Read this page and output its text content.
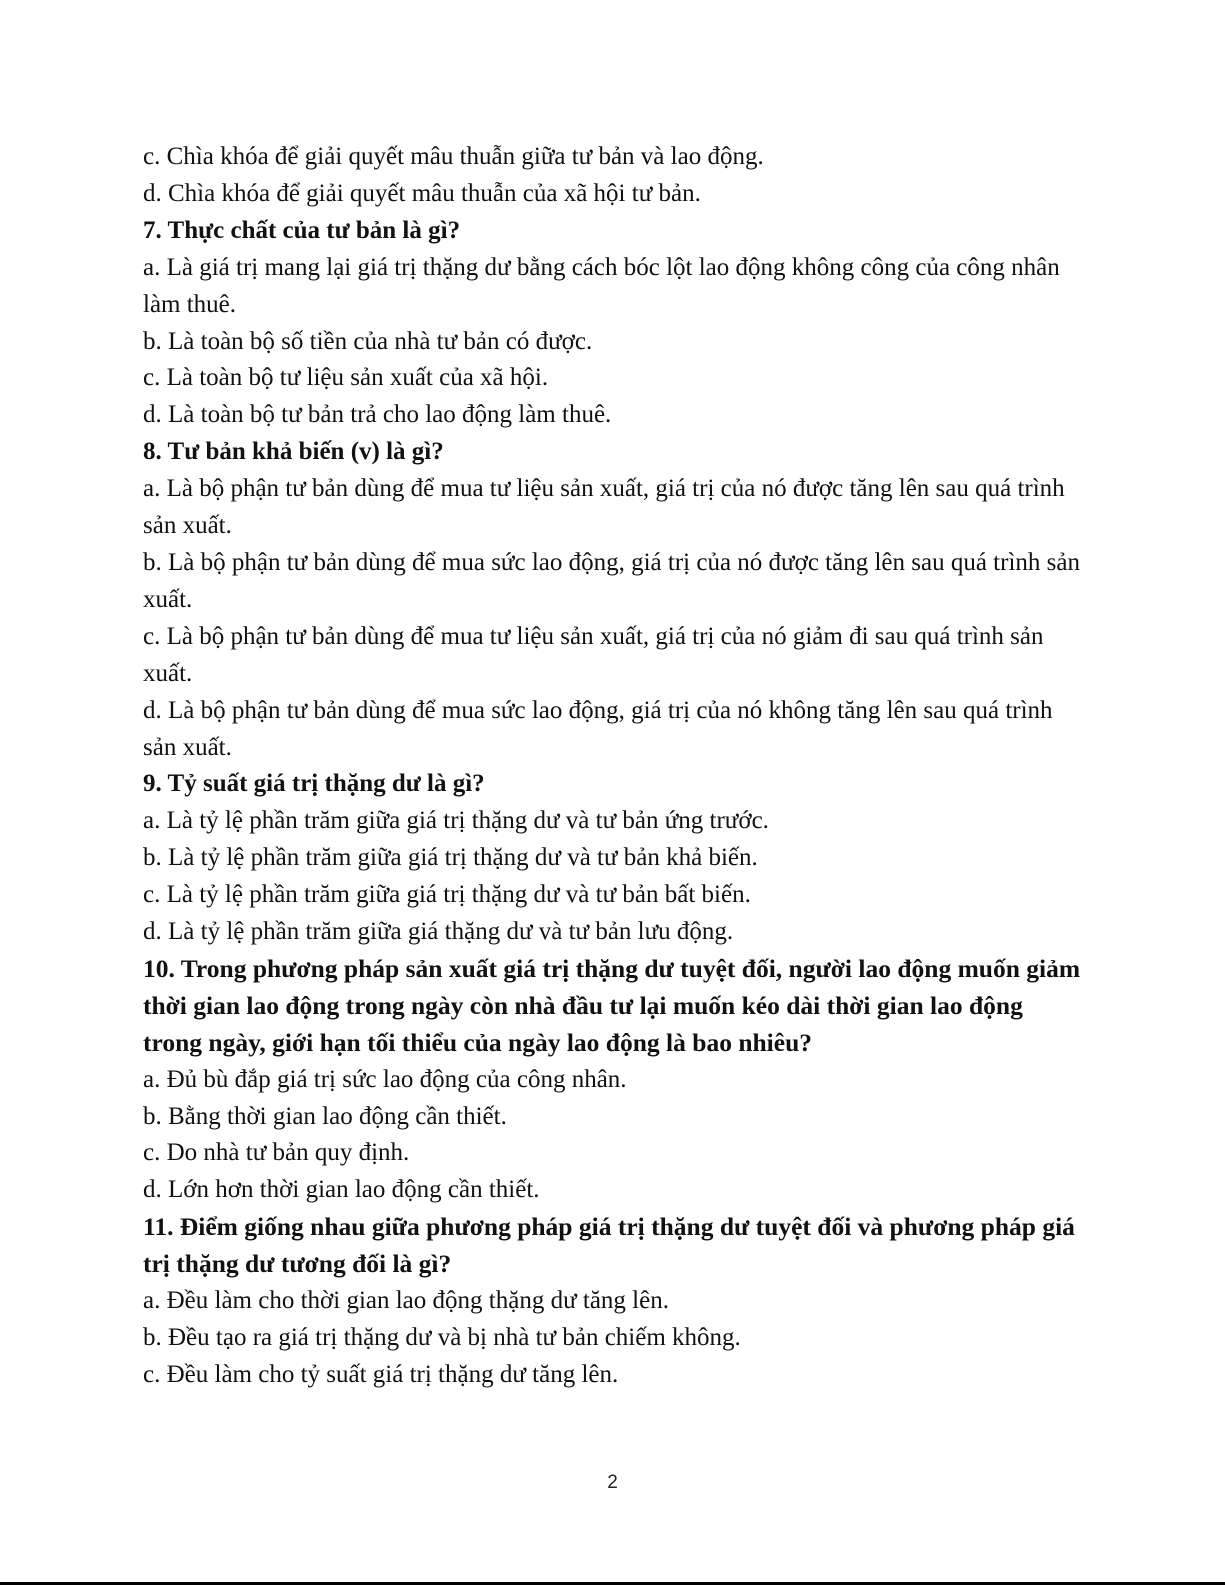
c. Chìa khóa để giải quyết mâu thuẫn giữa tư bản và lao động.

d. Chìa khóa để giải quyết mâu thuẫn của xã hội tư bản.

7. Thực chất của tư bản là gì?

a. Là giá trị mang lại giá trị thặng dư bằng cách bóc lột lao động không công của công nhân làm thuê.

b. Là toàn bộ số tiền của nhà tư bản có được.

c. Là toàn bộ tư liệu sản xuất của xã hội.

d. Là toàn bộ tư bản trả cho lao động làm thuê.

8. Tư bản khả biến (v) là gì?

a. Là bộ phận tư bản dùng để mua tư liệu sản xuất, giá trị của nó được tăng lên sau quá trình sản xuất.

b. Là bộ phận tư bản dùng để mua sức lao động, giá trị của nó được tăng lên sau quá trình sản xuất.

c. Là bộ phận tư bản dùng để mua tư liệu sản xuất, giá trị của nó giảm đi sau quá trình sản xuất.

d. Là bộ phận tư bản dùng để mua sức lao động, giá trị của nó không tăng lên sau quá trình sản xuất.

9. Tỷ suất giá trị thặng dư là gì?

a. Là tỷ lệ phần trăm giữa giá trị thặng dư và tư bản ứng trước.

b. Là tỷ lệ phần trăm giữa giá trị thặng dư và tư bản khả biến.

c. Là tỷ lệ phần trăm giữa giá trị thặng dư và tư bản bất biến.

d. Là tỷ lệ phần trăm giữa giá thặng dư và tư bản lưu động.

10. Trong phương pháp sản xuất giá trị thặng dư tuyệt đối, người lao động muốn giảm thời gian lao động trong ngày còn nhà đầu tư lại muốn kéo dài thời gian lao động trong ngày, giới hạn tối thiểu của ngày lao động là bao nhiêu?

a. Đủ bù đắp giá trị sức lao động của công nhân.

b. Bằng thời gian lao động cần thiết.

c. Do nhà tư bản quy định.

d. Lớn hơn thời gian lao động cần thiết.

11. Điểm giống nhau giữa phương pháp giá trị thặng dư tuyệt đối và phương pháp giá trị thặng dư tương đối là gì?

a. Đều làm cho thời gian lao động thặng dư tăng lên.

b. Đều tạo ra giá trị thặng dư và bị nhà tư bản chiếm không.

c. Đều làm cho tỷ suất giá trị thặng dư tăng lên.

2
